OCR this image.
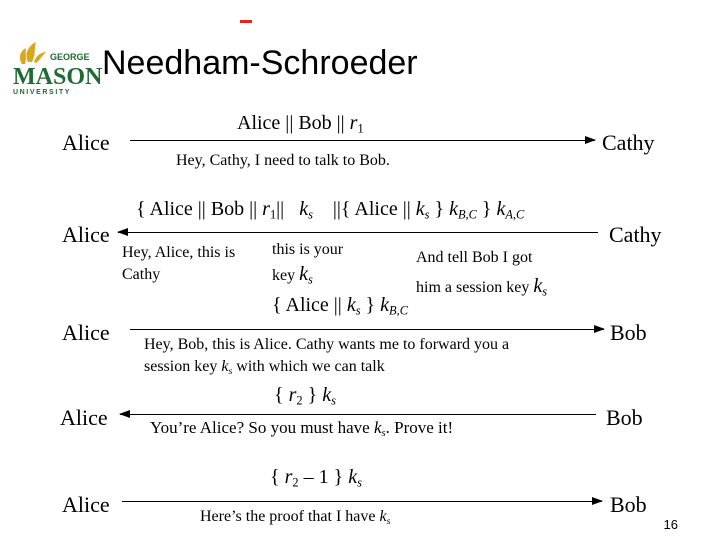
GEORGE
MASON
UNIVERSITY
Needham-Schroeder
Alice	Cathy
Alice || Bob || $r_1$
Hey, Cathy, I need to talk to Bob.
Alice	Cathy
{ Alice || Bob || $r_1||$   $k_s$    ||{ Alice || $k_s$ } $k_{B,C}$ } $k_{A,C}$
Hey, Alice, this is Cathy
this is your
key $k_s$
And tell Bob I got
him a session key $k_s$
Alice	Bob
{ Alice || $k_s$ } $k_{B,C}$
Hey, Bob, this is Alice. Cathy wants me to forward you a
session key $k_s$ with which we can talk
Alice	Bob
{ $r_2$ } $k_s$
You’re Alice? So you must have $k_s$. Prove it!
Alice	Bob
{ $r_2 - 1$ } $k_s$
Here’s the proof that I have $k_s$	16
